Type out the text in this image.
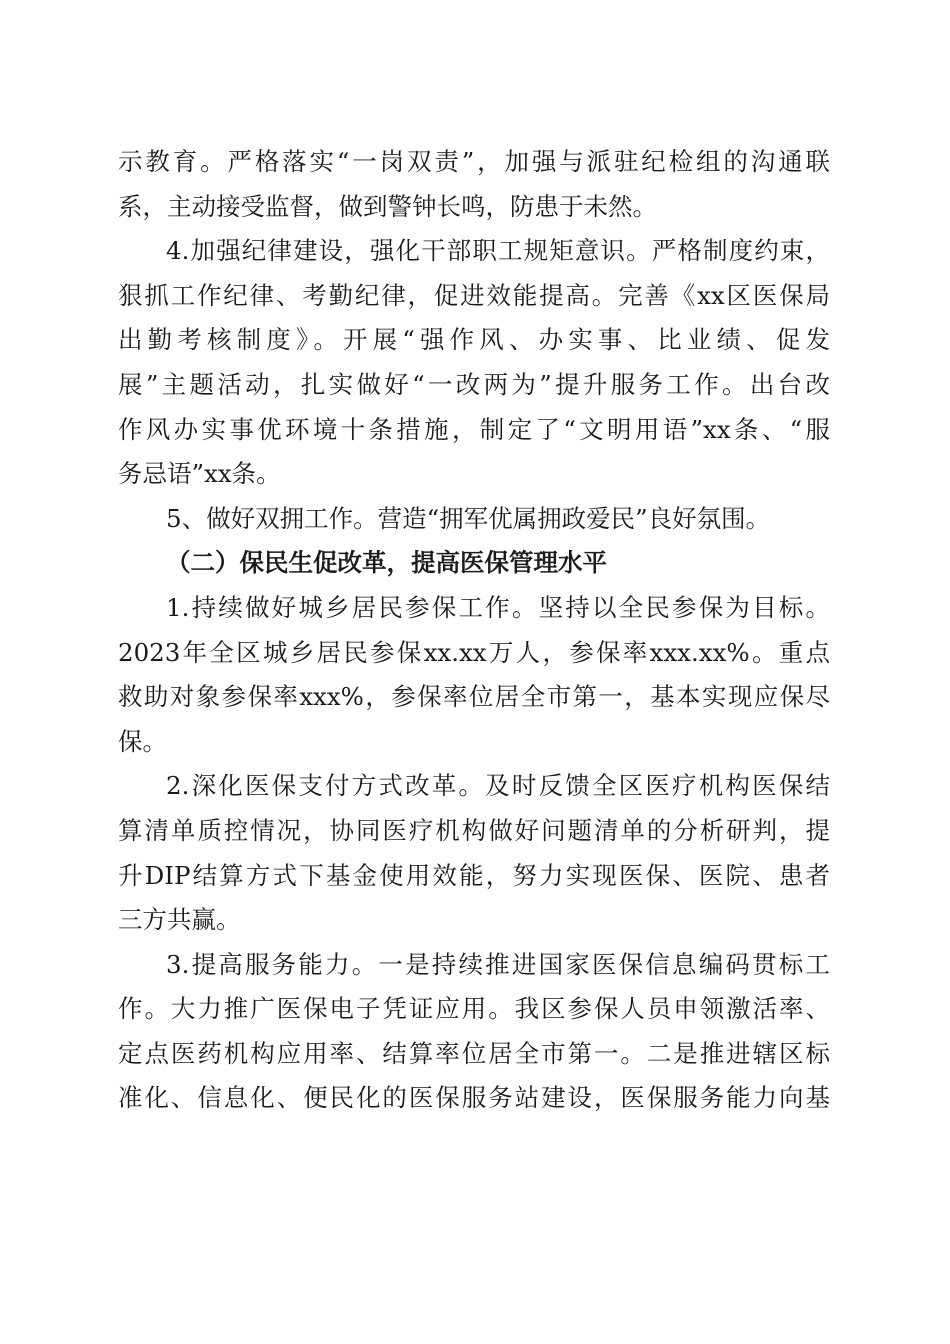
示教育。严格落实“一岗双责”，加强与派驻纪检组的沟通联
系，主动接受监督，做到警钟长鸣，防患于未然。
4.加强纪律建设，强化干部职工规矩意识。严格制度约束，
狠抓工作纪律、考勤纪律，促进效能提高。完善《xx区医保局
出勤考核制度》。开展“强作风、办实事、比业绩、促发
展”主题活动，扎实做好“一改两为”提升服务工作。出台改
作风办实事优环境十条措施，制定了“文明用语”xx条、“服
务忌语”xx条。
5、做好双拥工作。营造“拥军优属拥政爱民”良好氛围。
（二）保民生促改革，提高医保管理水平
1.持续做好城乡居民参保工作。坚持以全民参保为目标。
2023年全区城乡居民参保xx.xx万人，参保率xxx.xx%。重点
救助对象参保率xxx%，参保率位居全市第一，基本实现应保尽
保。
2.深化医保支付方式改革。及时反馈全区医疗机构医保结
算清单质控情况，协同医疗机构做好问题清单的分析研判，提
升DIP结算方式下基金使用效能，努力实现医保、医院、患者
三方共赢。
3.提高服务能力。一是持续推进国家医保信息编码贯标工
作。大力推广医保电子凭证应用。我区参保人员申领激活率、
定点医药机构应用率、结算率位居全市第一。二是推进辖区标
准化、信息化、便民化的医保服务站建设，医保服务能力向基
